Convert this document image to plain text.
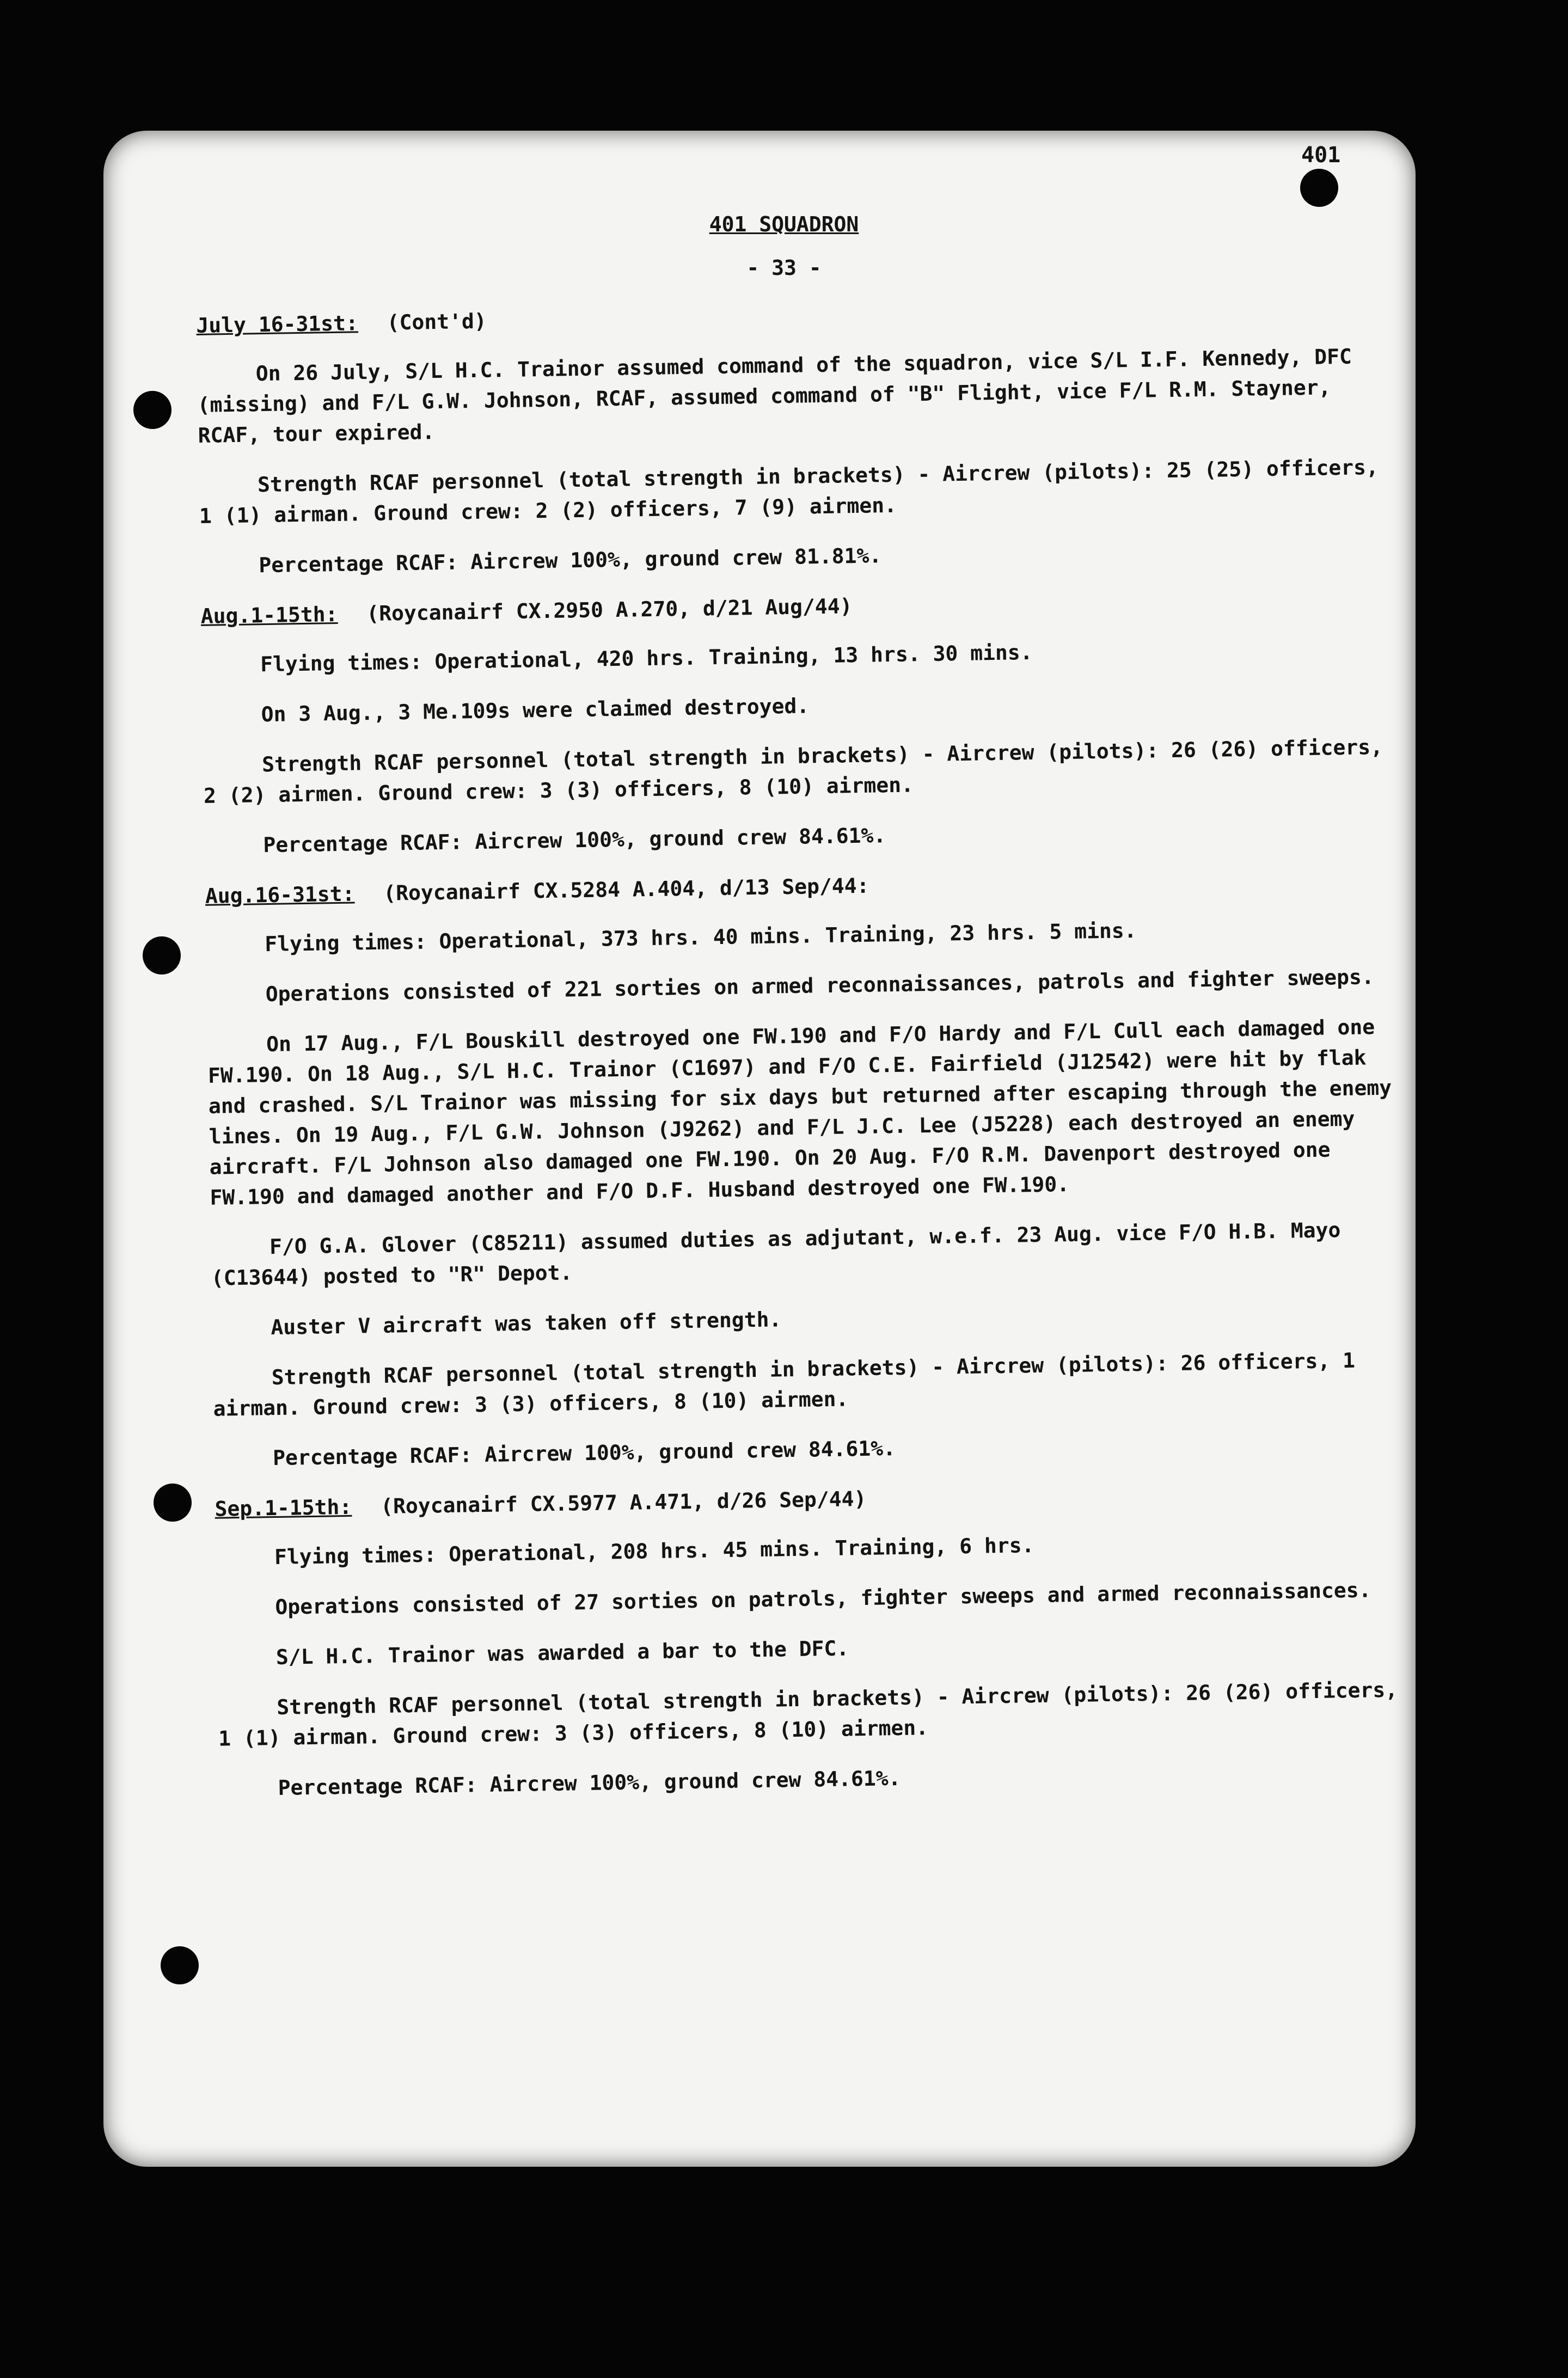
401
401 SQUADRON
- 33 -
July 16-31st: (Cont'd)

On 26 July, S/L H.C. Trainor assumed command of the squadron, vice S/L I.F. Kennedy, DFC (missing) and F/L G.W. Johnson, RCAF, assumed command of "B" Flight, vice F/L R.M. Stayner, RCAF, tour expired.

Strength RCAF personnel (total strength in brackets) - Aircrew (pilots): 25 (25) officers, 1 (1) airman. Ground crew: 2 (2) officers, 7 (9) airmen.

Percentage RCAF: Aircrew 100%, ground crew 81.81%.

Aug.1-15th: (Roycanairf CX.2950 A.270, d/21 Aug/44)

Flying times: Operational, 420 hrs. Training, 13 hrs. 30 mins.

On 3 Aug., 3 Me.109s were claimed destroyed.

Strength RCAF personnel (total strength in brackets) - Aircrew (pilots): 26 (26) officers, 2 (2) airmen. Ground crew: 3 (3) officers, 8 (10) airmen.

Percentage RCAF: Aircrew 100%, ground crew 84.61%.

Aug.16-31st: (Roycanairf CX.5284 A.404, d/13 Sep/44:

Flying times: Operational, 373 hrs. 40 mins. Training, 23 hrs. 5 mins.

Operations consisted of 221 sorties on armed reconnaissances, patrols and fighter sweeps.

On 17 Aug., F/L Bouskill destroyed one FW.190 and F/O Hardy and F/L Cull each damaged one FW.190. On 18 Aug., S/L H.C. Trainor (C1697) and F/O C.E. Fairfield (J12542) were hit by flak and crashed. S/L Trainor was missing for six days but returned after escaping through the enemy lines. On 19 Aug., F/L G.W. Johnson (J9262) and F/L J.C. Lee (J5228) each destroyed an enemy aircraft. F/L Johnson also damaged one FW.190. On 20 Aug. F/O R.M. Davenport destroyed one FW.190 and damaged another and F/O D.F. Husband destroyed one FW.190.

F/O G.A. Glover (C85211) assumed duties as adjutant, w.e.f. 23 Aug. vice F/O H.B. Mayo (C13644) posted to "R" Depot.

Auster V aircraft was taken off strength.

Strength RCAF personnel (total strength in brackets) - Aircrew (pilots): 26 officers, 1 airman. Ground crew: 3 (3) officers, 8 (10) airmen.

Percentage RCAF: Aircrew 100%, ground crew 84.61%.

Sep.1-15th: (Roycanairf CX.5977 A.471, d/26 Sep/44)

Flying times: Operational, 208 hrs. 45 mins. Training, 6 hrs.

Operations consisted of 27 sorties on patrols, fighter sweeps and armed reconnaissances.

S/L H.C. Trainor was awarded a bar to the DFC.

Strength RCAF personnel (total strength in brackets) - Aircrew (pilots): 26 (26) officers, 1 (1) airman. Ground crew: 3 (3) officers, 8 (10) airmen.

Percentage RCAF: Aircrew 100%, ground crew 84.61%.
